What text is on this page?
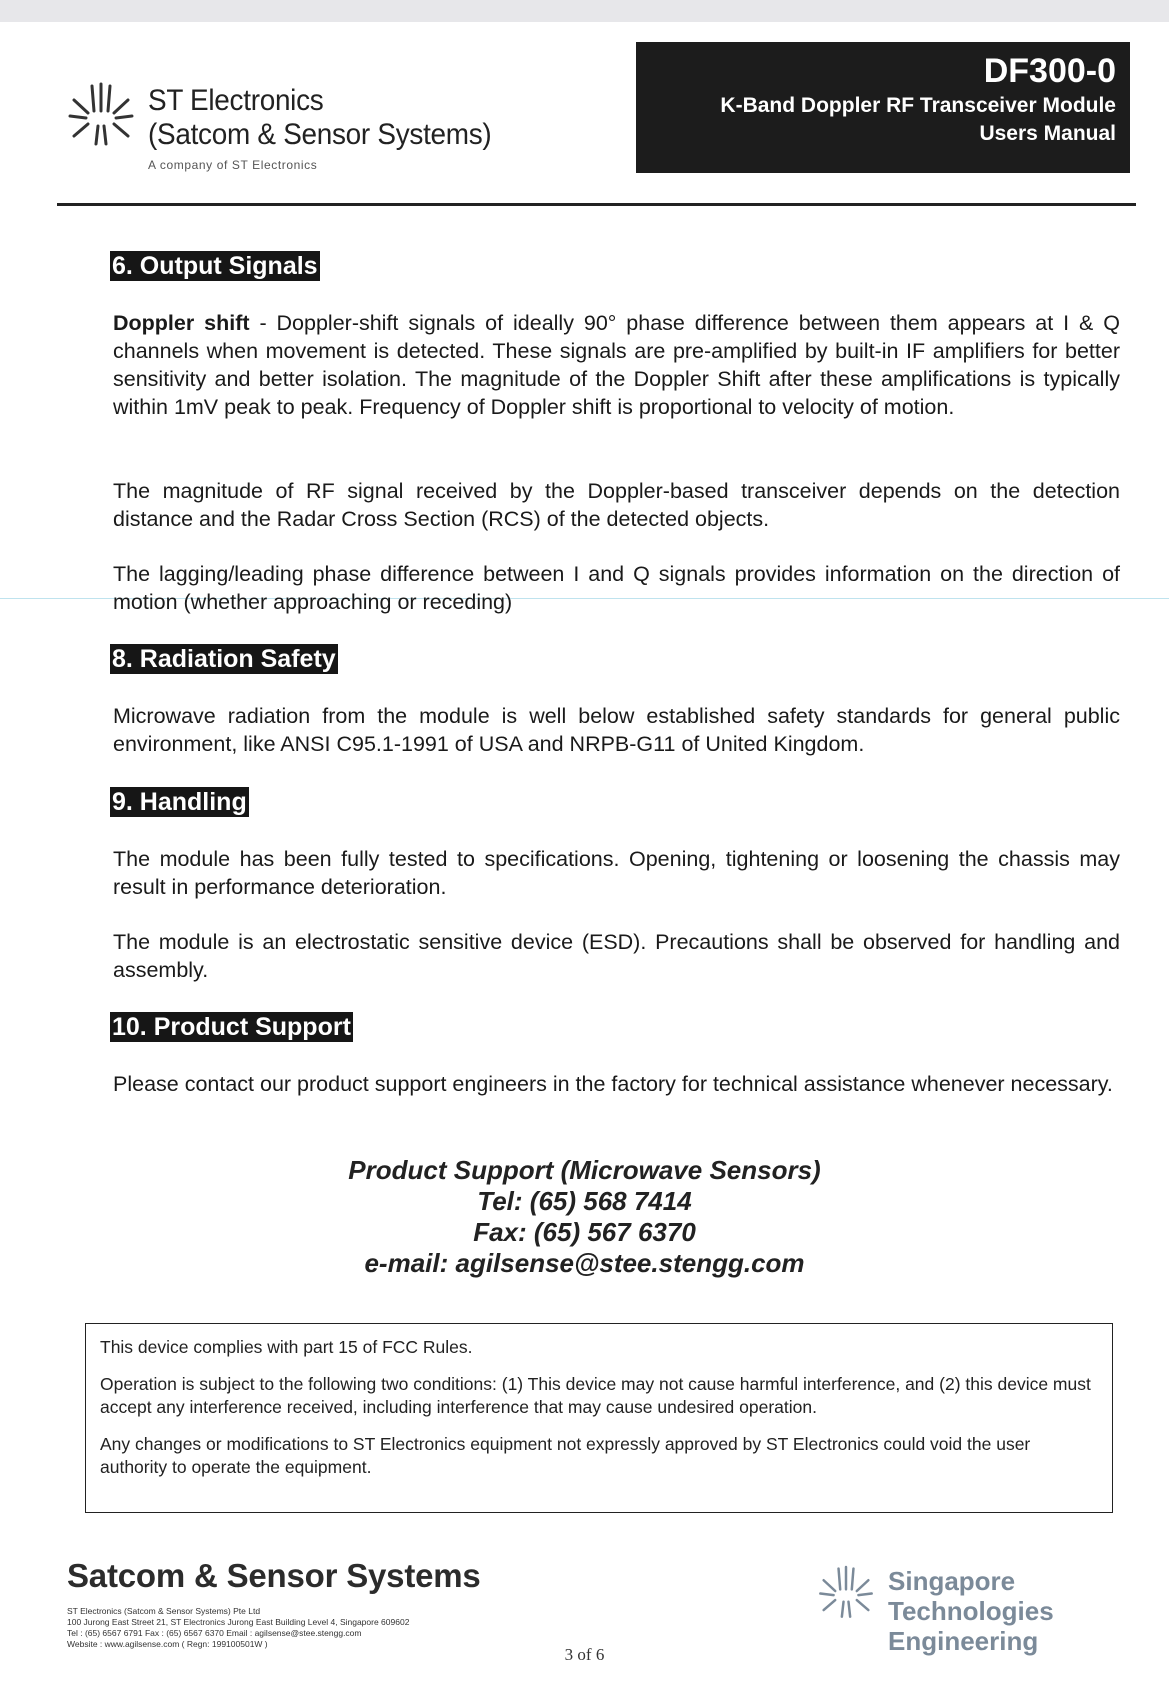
ST Electronics
(Satcom & Sensor Systems)
A company of ST Electronics
DF300-0
K-Band Doppler RF Transceiver Module
Users Manual
6. Output Signals

Doppler shift - Doppler-shift signals of ideally 90° phase difference between them appears at I & Q channels when movement is detected. These signals are pre-amplified by built-in IF amplifiers for better sensitivity and better isolation. The magnitude of the Doppler Shift after these amplifications is typically within 1mV peak to peak. Frequency of Doppler shift is proportional to velocity of motion.

The magnitude of RF signal received by the Doppler-based transceiver depends on the detection distance and the Radar Cross Section (RCS) of the detected objects.

The lagging/leading phase difference between I and Q signals provides information on the direction of motion (whether approaching or receding)

8. Radiation Safety

Microwave radiation from the module is well below established safety standards for general public environment, like ANSI C95.1-1991 of USA and NRPB-G11 of United Kingdom.

9. Handling

The module has been fully tested to specifications. Opening, tightening or loosening the chassis may result in performance deterioration.

The module is an electrostatic sensitive device (ESD). Precautions shall be observed for handling and assembly.

10. Product Support

Please contact our product support engineers in the factory for technical assistance whenever necessary.

Product Support (Microwave Sensors)
Tel: (65) 568 7414
Fax: (65) 567 6370
e-mail: agilsense@stee.stengg.com

This device complies with part 15 of FCC Rules.

Operation is subject to the following two conditions: (1) This device may not cause harmful interference, and (2) this device must accept any interference received, including interference that may cause undesired operation.

Any changes or modifications to ST Electronics equipment not expressly approved by ST Electronics could void the user authority to operate the equipment.

Satcom & Sensor Systems
ST Electronics (Satcom & Sensor Systems) Pte Ltd
100 Jurong East Street 21, ST Electronics Jurong East Building Level 4, Singapore 609602
Tel : (65) 6567 6791 Fax : (65) 6567 6370 Email : agilsense@stee.stengg.com
Website : www.agilsense.com ( Regn: 199100501W )
3 of 6
Singapore Technologies
Engineering
